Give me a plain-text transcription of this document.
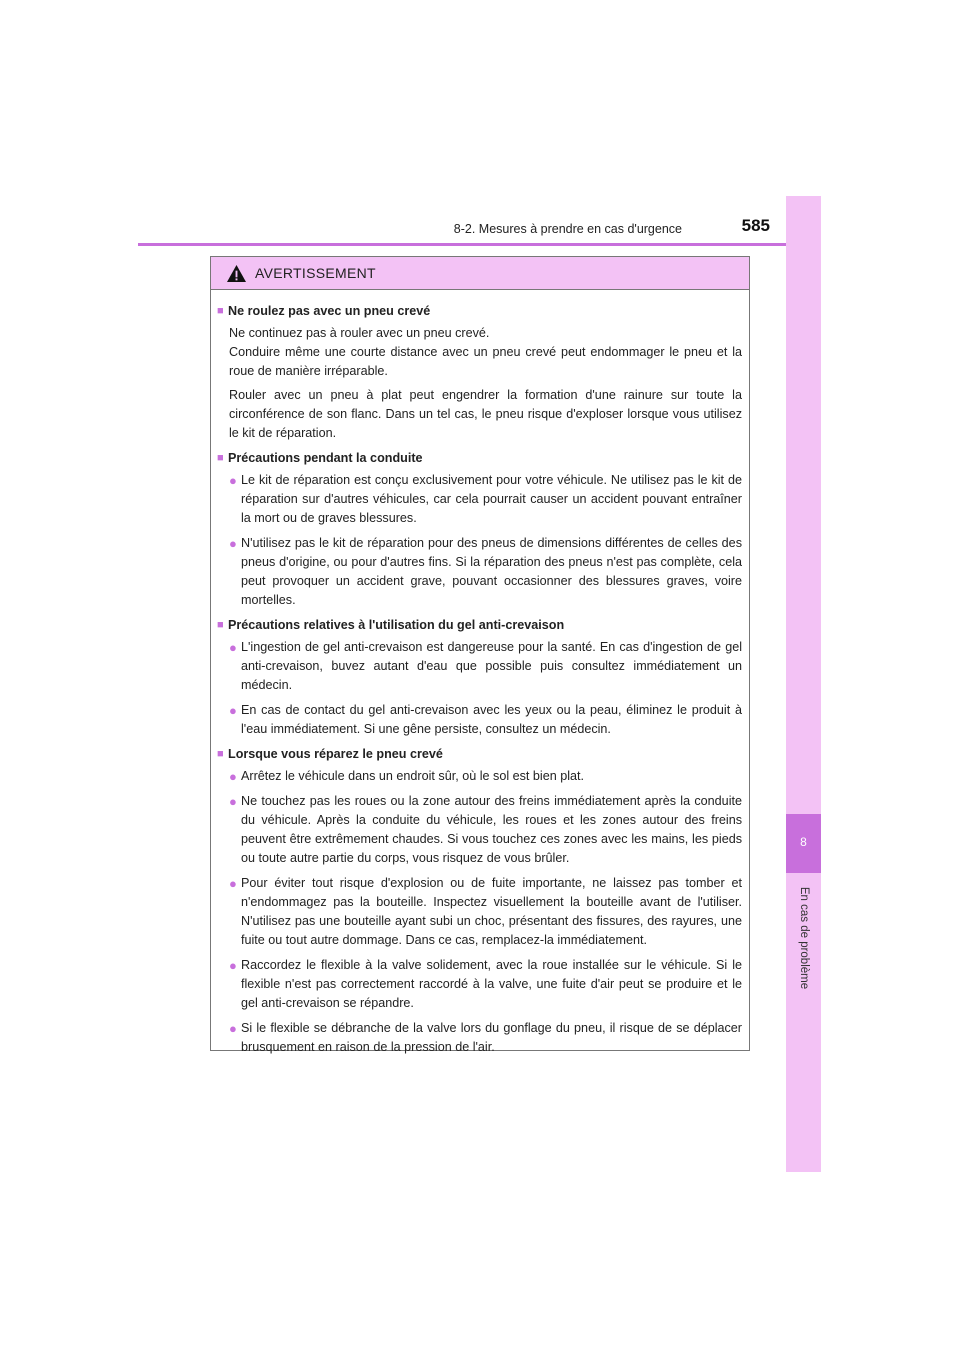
8-2. Mesures à prendre en cas d'urgence	585
8
En cas de problème
AVERTISSEMENT
■ Ne roulez pas avec un pneu crevé
Ne continuez pas à rouler avec un pneu crevé.
Conduire même une courte distance avec un pneu crevé peut endommager le pneu et la roue de manière irréparable.
Rouler avec un pneu à plat peut engendrer la formation d'une rainure sur toute la circonférence de son flanc. Dans un tel cas, le pneu risque d'exploser lorsque vous utilisez le kit de réparation.
■ Précautions pendant la conduite
● Le kit de réparation est conçu exclusivement pour votre véhicule. Ne utilisez pas le kit de réparation sur d'autres véhicules, car cela pourrait causer un accident pouvant entraîner la mort ou de graves blessures.
● N'utilisez pas le kit de réparation pour des pneus de dimensions différentes de celles des pneus d'origine, ou pour d'autres fins. Si la réparation des pneus n'est pas complète, cela peut provoquer un accident grave, pouvant occasionner des blessures graves, voire mortelles.
■ Précautions relatives à l'utilisation du gel anti-crevaison
● L'ingestion de gel anti-crevaison est dangereuse pour la santé. En cas d'ingestion de gel anti-crevaison, buvez autant d'eau que possible puis consultez immédiatement un médecin.
● En cas de contact du gel anti-crevaison avec les yeux ou la peau, éliminez le produit à l'eau immédiatement. Si une gêne persiste, consultez un médecin.
■ Lorsque vous réparez le pneu crevé
● Arrêtez le véhicule dans un endroit sûr, où le sol est bien plat.
● Ne touchez pas les roues ou la zone autour des freins immédiatement après la conduite du véhicule. Après la conduite du véhicule, les roues et les zones autour des freins peuvent être extrêmement chaudes. Si vous touchez ces zones avec les mains, les pieds ou toute autre partie du corps, vous risquez de vous brûler.
● Pour éviter tout risque d'explosion ou de fuite importante, ne laissez pas tomber et n'endommagez pas la bouteille. Inspectez visuellement la bouteille avant de l'utiliser. N'utilisez pas une bouteille ayant subi un choc, présentant des fissures, des rayures, une fuite ou tout autre dommage. Dans ce cas, remplacez-la immédiatement.
● Raccordez le flexible à la valve solidement, avec la roue installée sur le véhicule. Si le flexible n'est pas correctement raccordé à la valve, une fuite d'air peut se produire et le gel anti-crevaison se répandre.
● Si le flexible se débranche de la valve lors du gonflage du pneu, il risque de se déplacer brusquement en raison de la pression de l'air.
